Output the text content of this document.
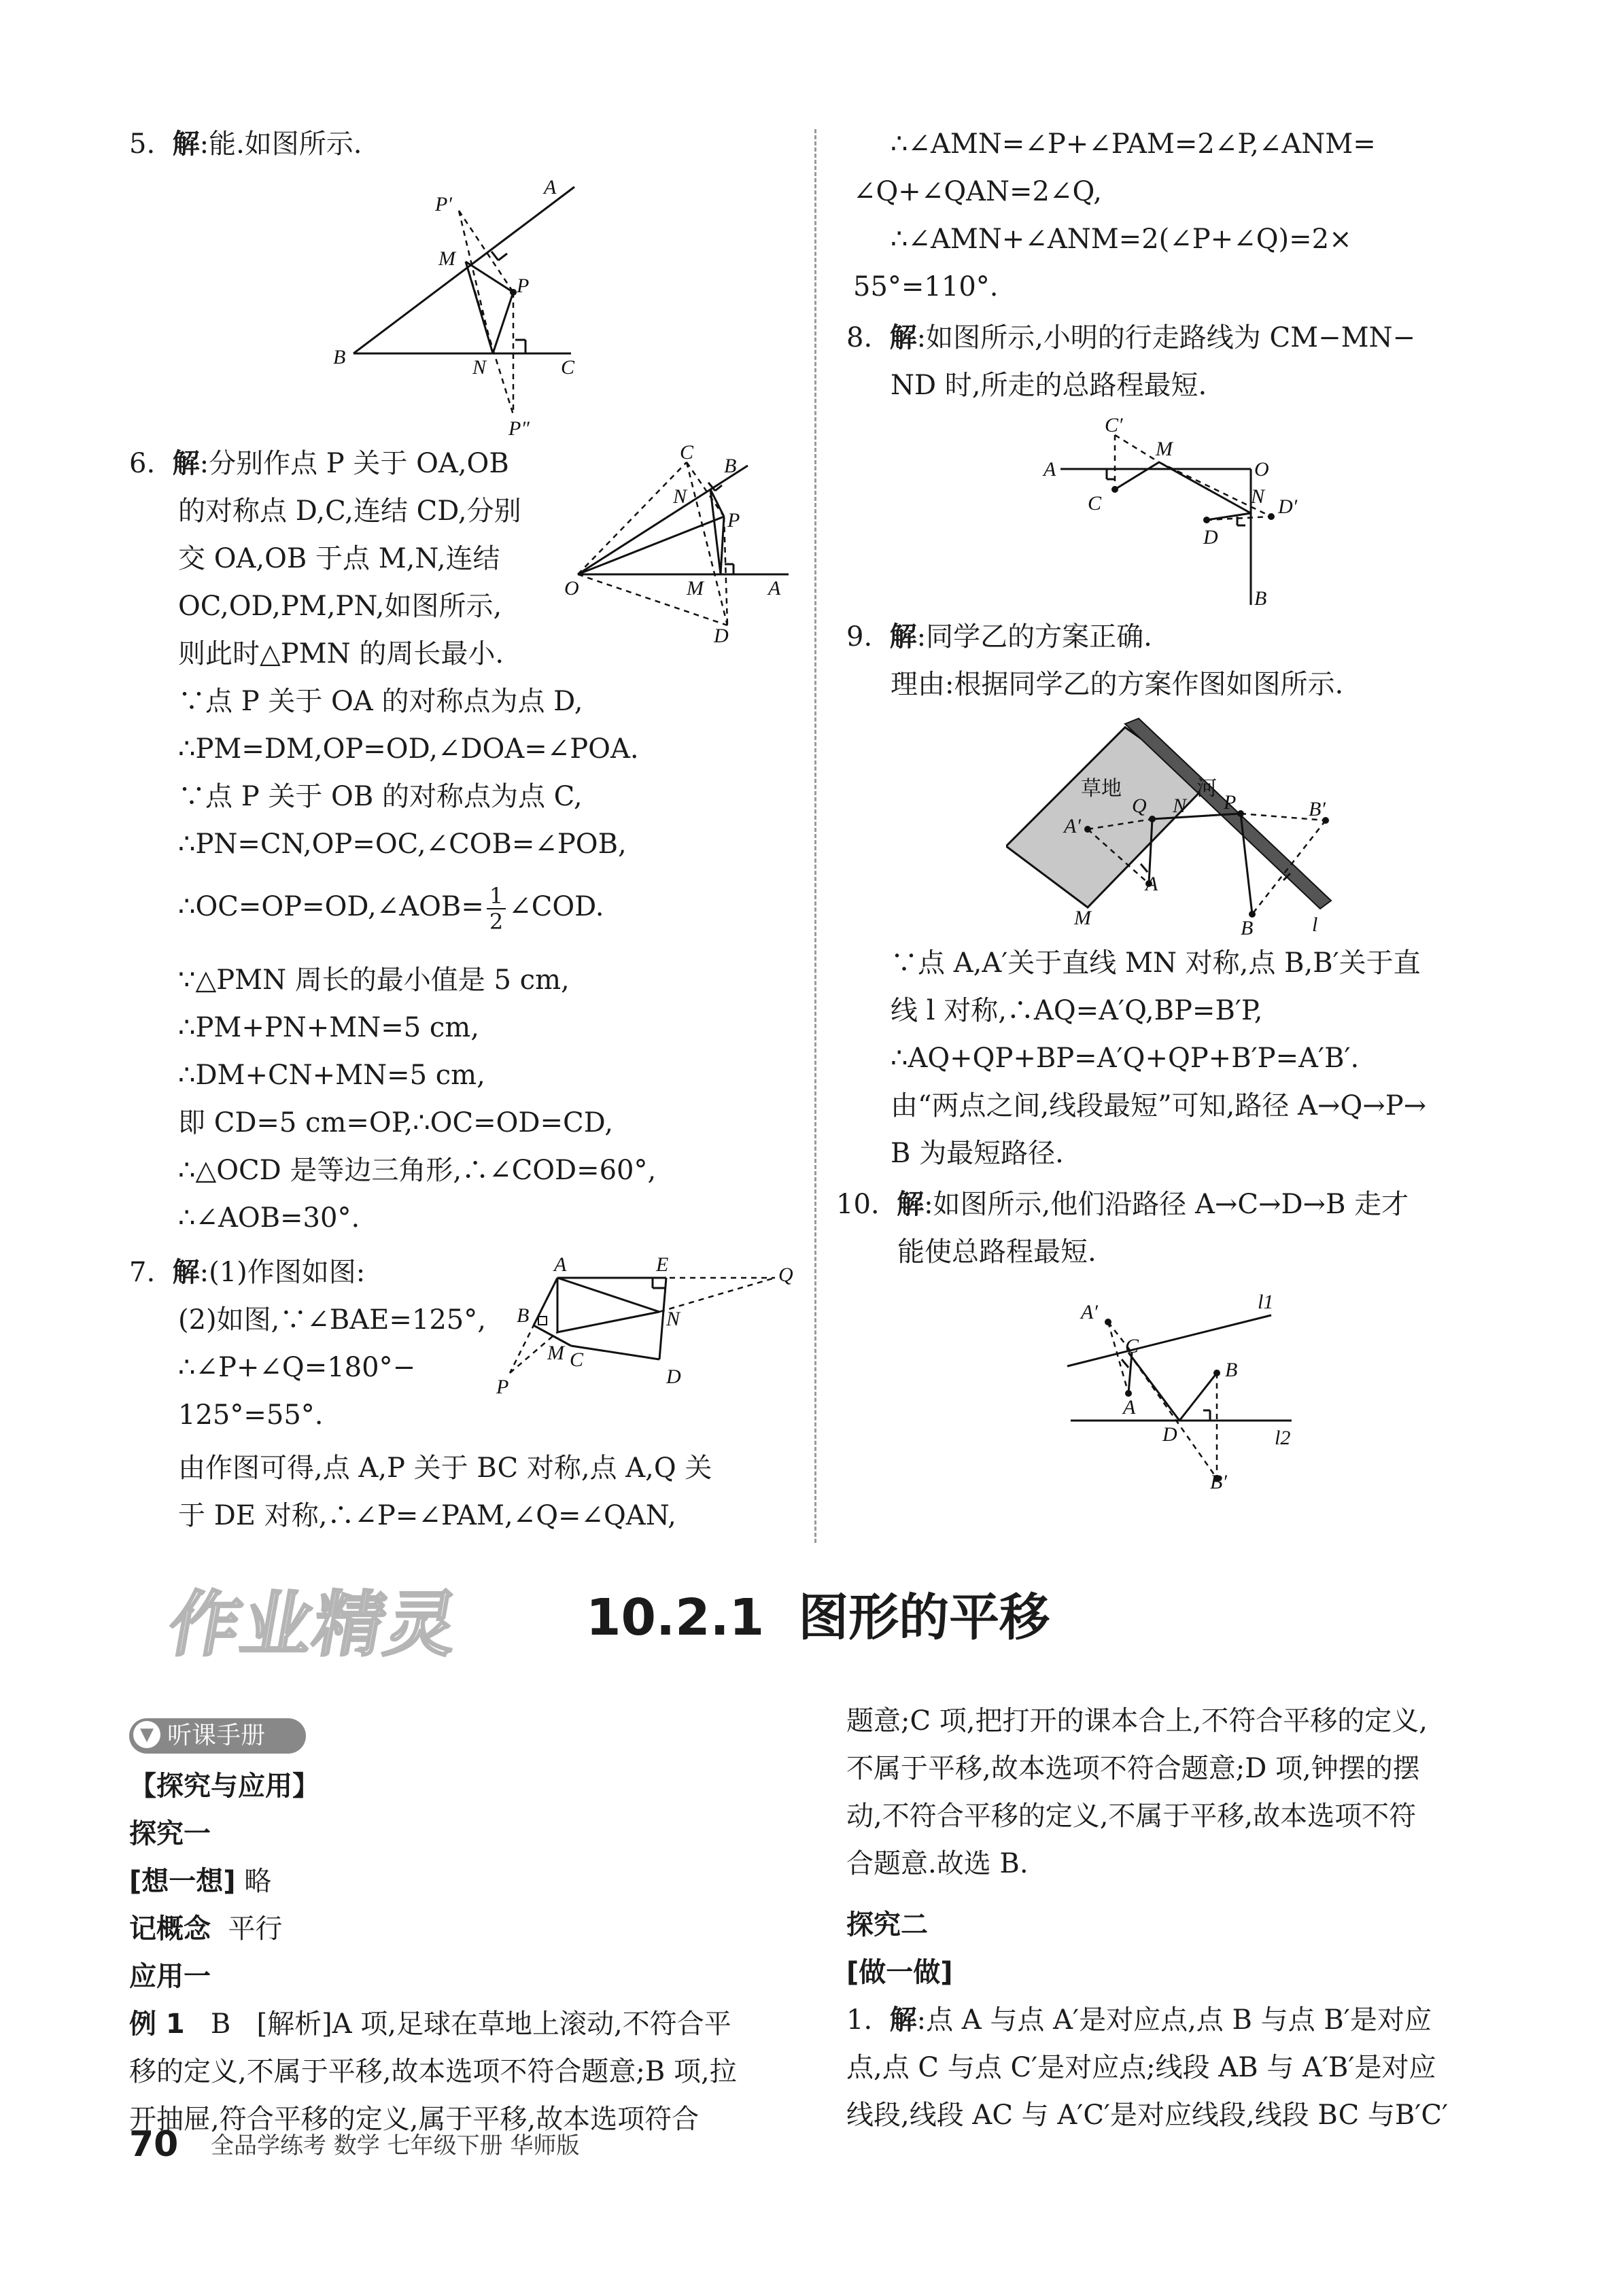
5. 解:能.如图所示.
A
P′
M
P
B	N	C
P″
6. 解:分别作点 P 关于 OA,OB
的对称点 D,C,连结 CD,分别
交 OA,OB 于点 M,N,连结
OC,OD,PM,PN,如图所示,
则此时△PMN 的周长最小.
C
B
N
P
O	M	A
D
∵点 P 关于 OA 的对称点为点 D,
∴PM=DM,OP=OD,∠DOA=∠POA.
∵点 P 关于 OB 的对称点为点 C,
∴PN=CN,OP=OC,∠COB=∠POB,
∴OC=OP=OD,∠AOB= $\frac{1}{2}$ ∠COD.
∵△PMN 周长的最小值是 5 cm,
∴PM+PN+MN=5 cm,
∴DM+CN+MN=5 cm,
即 CD=5 cm=OP,∴OC=OD=CD,
∴△OCD 是等边三角形,∴∠COD=60°,
∴∠AOB=30°.
7. 解:(1)作图如图:
(2)如图,∵∠BAE=125°,
∴∠P+∠Q=180°−
125°=55°.
A	E	Q
B	N
P
M C
D
由作图可得,点 A,P 关于 BC 对称,点 A,Q 关
于 DE 对称,∴∠P=∠PAM,∠Q=∠QAN,
∴∠AMN=∠P+∠PAM=2∠P,∠ANM=
∠Q+∠QAN=2∠Q,
∴∠AMN+∠ANM=2(∠P+∠Q)=2×
55°=110°.
8. 解:如图所示,小明的行走路线为 CM−MN−
ND 时,所走的总路程最短.
C′
A
M
O
C	N D′
D
B
9. 解:同学乙的方案正确.
理由:根据同学乙的方案作图如图所示.
草地	河
Q N P	B′
A′
A
M	B	l
∵点 A,A′关于直线 MN 对称,点 B,B′关于直
线 l 对称,∴AQ=A′Q,BP=B′P,
∴AQ+QP+BP=A′Q+QP+B′P=A′B′.
由“两点之间,线段最短”可知,路径 A→Q→P→
B 为最短路径.
10. 解:如图所示,他们沿路径 A→C→D→B 走才
能使总路程最短.
A′	l1
C
B
A
D	l2
B′
作业精灵 10.2.1 图形的平移
▼ 听课手册
【探究与应用】
探究一
[想一想] 略
记概念 平行
应用一
例 1 B [解析]A 项,足球在草地上滚动,不符合平
移的定义,不属于平移,故本选项不符合题意;B 项,拉
开抽屉,符合平移的定义,属于平移,故本选项符合
题意;C 项,把打开的课本合上,不符合平移的定义,
不属于平移,故本选项不符合题意;D 项,钟摆的摆
动,不符合平移的定义,不属于平移,故本选项不符
合题意.故选 B.
探究二
[做一做]
1. 解:点 A 与点 A′是对应点,点 B 与点 B′是对应
点,点 C 与点 C′是对应点;线段 AB 与 A′B′是对应
线段,线段 AC 与 A′C′是对应线段,线段 BC 与B′C′
70 全品学练考 数学 七年级下册 华师版
